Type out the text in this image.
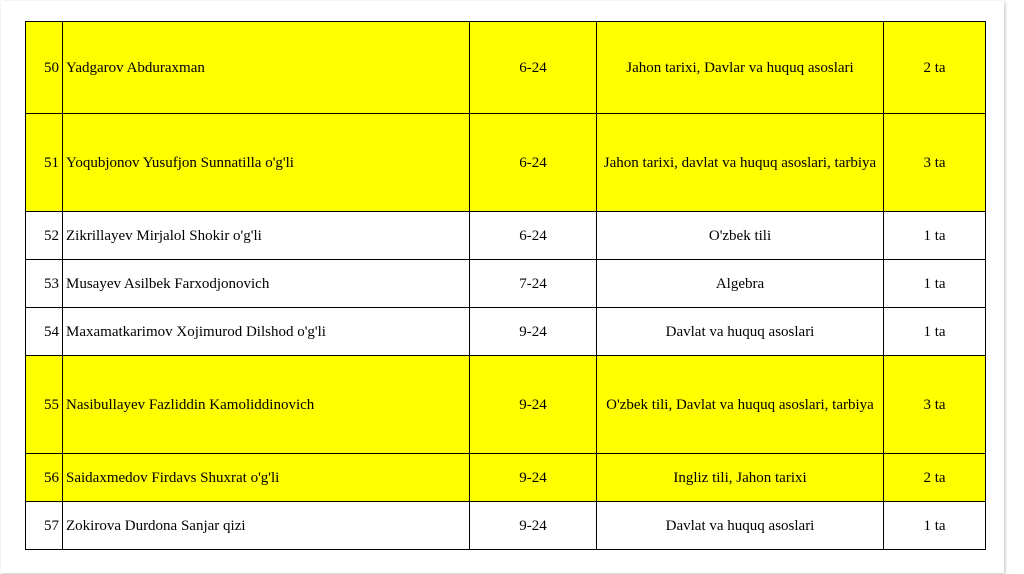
50	Yadgarov Abduraxman	6-24	Jahon tarixi, Davlar va huquq asoslari	2 ta
51	Yoqubjonov Yusufjon Sunnatilla o'g'li	6-24	Jahon tarixi, davlat va huquq asoslari, tarbiya	3 ta
52	Zikrillayev Mirjalol Shokir o'g'li	6-24	O'zbek tili	1 ta
53	Musayev Asilbek Farxodjonovich	7-24	Algebra	1 ta
54	Maxamatkarimov Xojimurod Dilshod o'g'li	9-24	Davlat va huquq asoslari	1 ta
55	Nasibullayev Fazliddin Kamoliddinovich	9-24	O'zbek tili, Davlat va huquq asoslari, tarbiya	3 ta
56	Saidaxmedov Firdavs Shuxrat o'g'li	9-24	Ingliz tili, Jahon tarixi	2 ta
57	Zokirova Durdona Sanjar qizi	9-24	Davlat va huquq asoslari	1 ta
